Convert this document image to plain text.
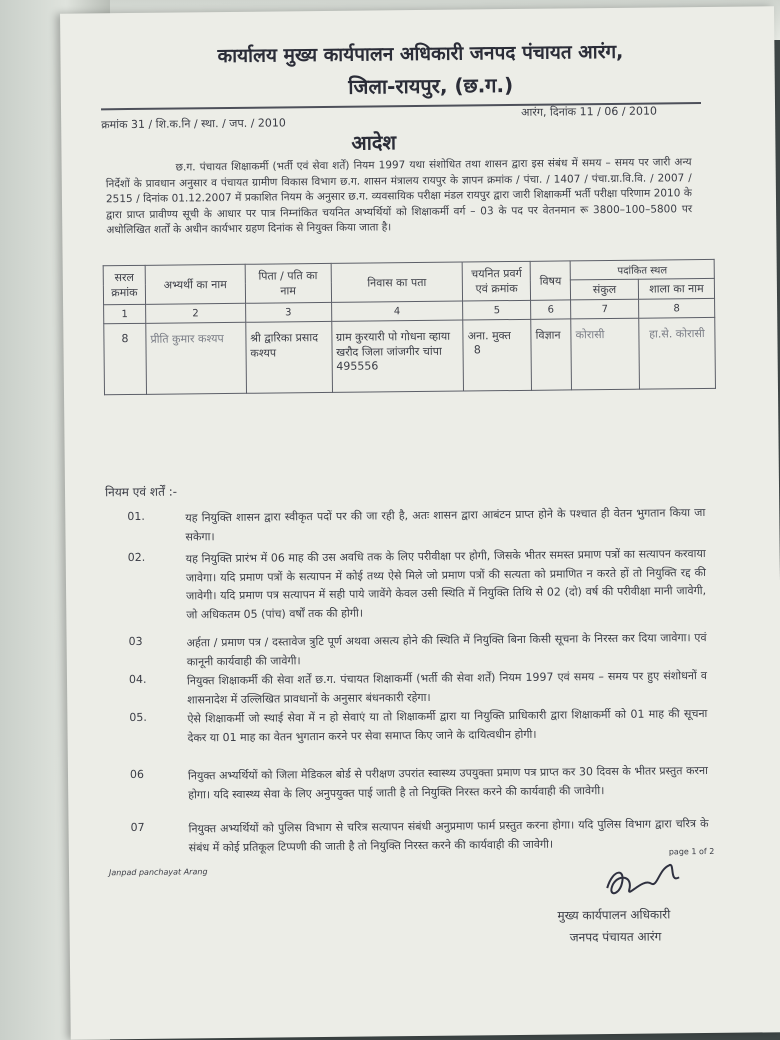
कार्यालय मुख्य कार्यपालन अधिकारी जनपद पंचायत आरंग,
जिला-रायपुर, (छ.ग.)
क्रमांक 31 / शि.क.नि / स्था. / जप. / 2010
आरंग, दिनांक 11 / 06 / 2010
आदेश
छ.ग. पंचायत शिक्षाकर्मी (भर्ती एवं सेवा शर्तें) नियम 1997 यथा संशोधित तथा शासन द्वारा इस संबंध में समय – समय पर जारी अन्य निर्देशों के प्रावधान अनुसार व पंचायत ग्रामीण विकास विभाग छ.ग. शासन मंत्रालय रायपुर के ज्ञापन क्रमांक / पंचा. / 1407 / पंचा.ग्रा.वि.वि. / 2007 / 2515 / दिनांक 01.12.2007 में प्रकाशित नियम के अनुसार छ.ग. व्यवसायिक परीक्षा मंडल रायपुर द्वारा जारी शिक्षाकर्मी भर्ती परीक्षा परिणाम 2010 के द्वारा प्राप्त प्रावीण्य सूची के आधार पर पात्र निम्नांकित चयनित अभ्यर्थियों को शिक्षाकर्मी वर्ग – 03 के पद पर वेतनमान रू 3800–100–5800 पर अधोलिखित शर्तों के अधीन कार्यभार ग्रहण दिनांक से नियुक्त किया जाता है।
सरल क्रमांक	अभ्यर्थी का नाम	पिता / पति का नाम	निवास का पता	चयनित प्रवर्ग एवं क्रमांक	विषय	पदांकित स्थल	
						संकुल	शाला का नाम
1	2	3	4	5	6	7	8
8	प्रीति कुमार कश्यप	श्री द्वारिका प्रसाद कश्यप	ग्राम कुरयारी पो गोधना व्हाया खरौद जिला जांजगीर चांपा 495556	अना. मुक्त 8	विज्ञान	कोरासी	हा.से. कोरासी
नियम एवं शर्तें :-
01.	यह नियुक्ति शासन द्वारा स्वीकृत पदों पर की जा रही है, अतः शासन द्वारा आबंटन प्राप्त होने के पश्चात ही वेतन भुगतान किया जा सकेगा।
02.	यह नियुक्ति प्रारंभ में 06 माह की उस अवधि तक के लिए परीवीक्षा पर होगी, जिसके भीतर समस्त प्रमाण पत्रों का सत्यापन करवाया जावेगा। यदि प्रमाण पत्रों के सत्यापन में कोई तथ्य ऐसे मिले जो प्रमाण पत्रों की सत्यता को प्रमाणित न करते हों तो नियुक्ति रद्द की जावेगी। यदि प्रमाण पत्र सत्यापन में सही पाये जावेंगे केवल उसी स्थिति में नियुक्ति तिथि से 02 (दो) वर्ष की परीवीक्षा मानी जावेगी, जो अधिकतम 05 (पांच) वर्षों तक की होगी।
03	अर्हता / प्रमाण पत्र / दस्तावेज त्रुटि पूर्ण अथवा असत्य होने की स्थिति में नियुक्ति बिना किसी सूचना के निरस्त कर दिया जावेगा। एवं कानूनी कार्यवाही की जावेगी।
04.	नियुक्त शिक्षाकर्मी की सेवा शर्तें छ.ग. पंचायत शिक्षाकर्मी (भर्ती की सेवा शर्तें) नियम 1997 एवं समय – समय पर हुए संशोधनों व शासनादेश में उल्लिखित प्रावधानों के अनुसार बंधनकारी रहेगा।
05.	ऐसे शिक्षाकर्मी जो स्थाई सेवा में न हो सेवाएं या तो शिक्षाकर्मी द्वारा या नियुक्ति प्राधिकारी द्वारा शिक्षाकर्मी को 01 माह की सूचना देकर या 01 माह का वेतन भुगतान करने पर सेवा समाप्त किए जाने के दायित्वधीन होगी।
06	नियुक्त अभ्यर्थियों को जिला मेडिकल बोर्ड से परीक्षण उपरांत स्वास्थ्य उपयुक्ता प्रमाण पत्र प्राप्त कर 30 दिवस के भीतर प्रस्तुत करना होगा। यदि स्वास्थ्य सेवा के लिए अनुपयुक्त पाई जाती है तो नियुक्ति निरस्त करने की कार्यवाही की जावेगी।
07	नियुक्त अभ्यर्थियों को पुलिस विभाग से चरित्र सत्यापन संबंधी अनुप्रमाण फार्म प्रस्तुत करना होगा। यदि पुलिस विभाग द्वारा चरित्र के संबंध में कोई प्रतिकूल टिप्पणी की जाती है तो नियुक्ति निरस्त करने की कार्यवाही की जावेगी।
Janpad panchayat Arang
page 1 of 2
मुख्य कार्यपालन अधिकारी
जनपद पंचायत आरंग
